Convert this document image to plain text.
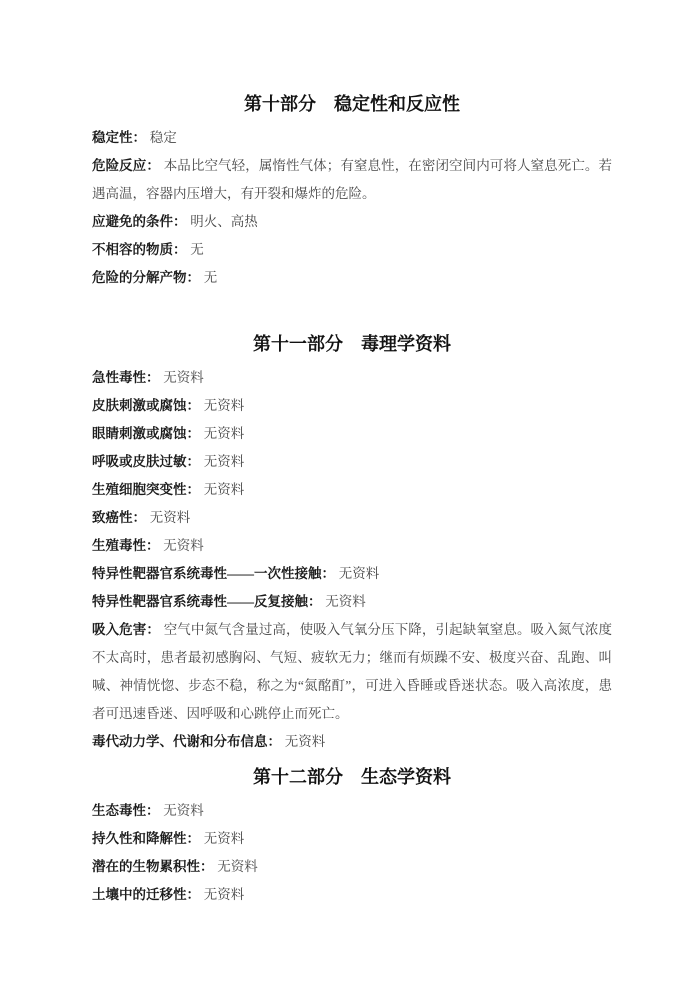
第十部分　稳定性和反应性

稳定性： 稳定

危险反应： 本品比空气轻，属惰性气体；有窒息性，在密闭空间内可将人窒息死亡。若遇高温，容器内压增大，有开裂和爆炸的危险。

应避免的条件： 明火、高热

不相容的物质： 无

危险的分解产物： 无

第十一部分　毒理学资料

急性毒性： 无资料

皮肤刺激或腐蚀： 无资料

眼睛刺激或腐蚀： 无资料

呼吸或皮肤过敏： 无资料

生殖细胞突变性： 无资料

致癌性： 无资料

生殖毒性： 无资料

特异性靶器官系统毒性——一次性接触： 无资料

特异性靶器官系统毒性——反复接触： 无资料

吸入危害： 空气中氮气含量过高，使吸入气氧分压下降，引起缺氧窒息。吸入氮气浓度不太高时，患者最初感胸闷、气短、疲软无力；继而有烦躁不安、极度兴奋、乱跑、叫喊、神情恍惚、步态不稳，称之为“氮酩酊”，可进入昏睡或昏迷状态。吸入高浓度，患者可迅速昏迷、因呼吸和心跳停止而死亡。

毒代动力学、代谢和分布信息： 无资料

第十二部分　生态学资料

生态毒性： 无资料

持久性和降解性： 无资料

潜在的生物累积性： 无资料

土壤中的迁移性： 无资料
